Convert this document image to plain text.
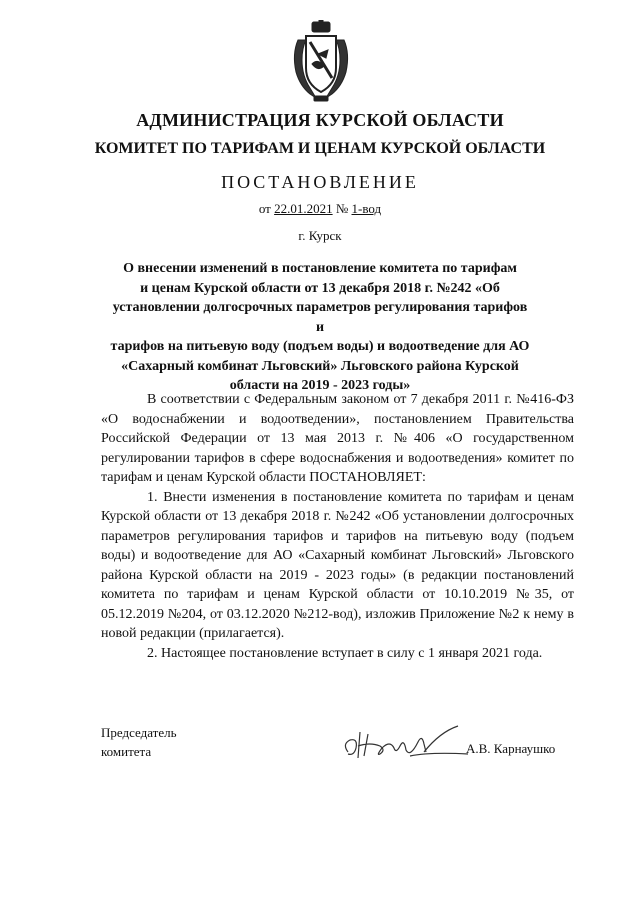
АДМИНИСТРАЦИЯ КУРСКОЙ ОБЛАСТИ
КОМИТЕТ ПО ТАРИФАМ И ЦЕНАМ КУРСКОЙ ОБЛАСТИ
ПОСТАНОВЛЕНИЕ
от 22.01.2021 № 1-вод
г. Курск
О внесении изменений в постановление комитета по тарифам
и ценам Курской области от 13 декабря 2018 г. №242 «Об
установлении долгосрочных параметров регулирования тарифов и
тарифов на питьевую воду (подъем воды) и водоотведение для АО
«Сахарный комбинат Льговский» Льговского района Курской
области на 2019 - 2023 годы»

В соответствии с Федеральным законом от 7 декабря 2011 г. №416-ФЗ «О водоснабжении и водоотведении», постановлением Правительства Российской Федерации от 13 мая 2013 г. №406 «О государственном регулировании тарифов в сфере водоснабжения и водоотведения» комитет по тарифам и ценам Курской области ПОСТАНОВЛЯЕТ:

1. Внести изменения в постановление комитета по тарифам и ценам Курской области от 13 декабря 2018 г. №242 «Об установлении долгосрочных параметров регулирования тарифов и тарифов на питьевую воду (подъем воды) и водоотведение для АО «Сахарный комбинат Льговский» Льговского района Курской области на 2019 - 2023 годы» (в редакции постановлений комитета по тарифам и ценам Курской области от 10.10.2019 №35, от 05.12.2019 №204, от 03.12.2020 №212-вод), изложив Приложение №2 к нему в новой редакции (прилагается).

2. Настоящее постановление вступает в силу с 1 января 2021 года.

Председатель
комитета	А.В. Карнаушко
